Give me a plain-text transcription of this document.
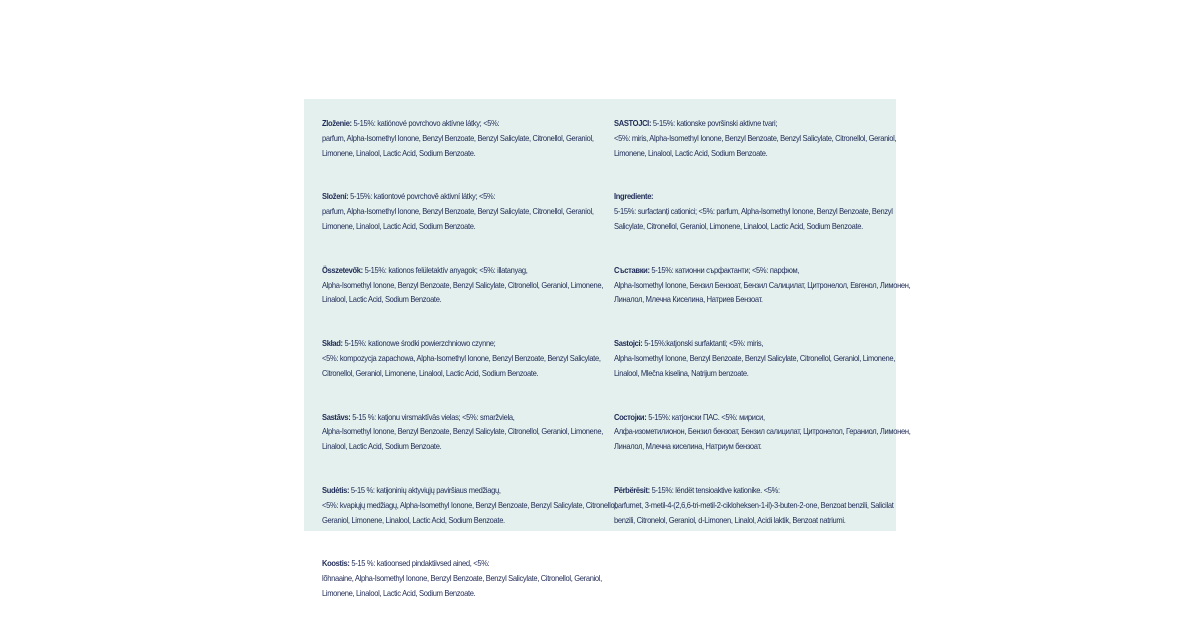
Zloženie: 5-15%: katiónové povrchovo aktívne látky; <5%:
parfum, Alpha-Isomethyl Ionone, Benzyl Benzoate, Benzyl Salicylate, Citronellol, Geraniol,
Limonene, Linalool, Lactic Acid, Sodium Benzoate.
Složení: 5-15%: kationtové povrchově aktivní látky; <5%:
parfum, Alpha-Isomethyl Ionone, Benzyl Benzoate, Benzyl Salicylate, Citronellol, Geraniol,
Limonene, Linalool, Lactic Acid, Sodium Benzoate.
Összetevők: 5-15%: kationos felületaktív anyagok; <5%: illatanyag,
Alpha-Isomethyl Ionone, Benzyl Benzoate, Benzyl Salicylate, Citronellol, Geraniol, Limonene,
Linalool, Lactic Acid, Sodium Benzoate.
Skład: 5-15%: kationowe środki powierzchniowo czynne;
<5%: kompozycja zapachowa, Alpha-Isomethyl Ionone, Benzyl Benzoate, Benzyl Salicylate,
Citronellol, Geraniol, Limonene, Linalool, Lactic Acid, Sodium Benzoate.
Sastāvs: 5-15 %: katjonu virsmaktīvās vielas; <5%: smaržviela,
Alpha-Isomethyl Ionone, Benzyl Benzoate, Benzyl Salicylate, Citronellol, Geraniol, Limonene,
Linalool, Lactic Acid, Sodium Benzoate.
Sudėtis: 5-15 %: katijoninių aktyviųjų paviršiaus medžiagų,
<5%: kvapiųjų medžiagų, Alpha-Isomethyl Ionone, Benzyl Benzoate, Benzyl Salicylate, Citronellol,
Geraniol, Limonene, Linalool, Lactic Acid, Sodium Benzoate.
Koostis: 5-15 %: katioonsed pindaktiivsed ained, <5%:
lõhnaaine, Alpha-Isomethyl Ionone, Benzyl Benzoate, Benzyl Salicylate, Citronellol, Geraniol,
Limonene, Linalool, Lactic Acid, Sodium Benzoate.
SASTOJCI: 5-15%: kationske površinski aktivne tvari;
<5%: miris, Alpha-Isomethyl Ionone, Benzyl Benzoate, Benzyl Salicylate, Citronellol, Geraniol,
Limonene, Linalool, Lactic Acid, Sodium Benzoate.
Ingrediente:
5-15%: surfactanți cationici; <5%: parfum, Alpha-Isomethyl Ionone, Benzyl Benzoate, Benzyl
Salicylate, Citronellol, Geraniol, Limonene, Linalool, Lactic Acid, Sodium Benzoate.
Съставки: 5-15%: катионни сърфактанти; <5%: парфюм,
Alpha-Isomethyl Ionone, Бензил Бензоат, Бензил Салицилат, Цитронелол, Евгенол, Лимонен,
Линалол, Млечна Киселина, Натриев Бензоат.
Sastojci: 5-15%:katjonski surfaktanti; <5%: miris,
Alpha-Isomethyl Ionone, Benzyl Benzoate, Benzyl Salicylate, Citronellol, Geraniol, Limonene,
Linalool, Mlečna kiselina, Natrijum benzoate.
Состојки: 5-15%: катјонски ПАС. <5%: мириси,
Алфа-изометилионон, Бензил бензоат, Бензил салицилат, Цитронелол, Гераниол, Лимонен,
Линалол, Млечна киселина, Натриум бензоат.
Përbërësit: 5-15%: lëndët tensioaktive kationike. <5%:
parfumet, 3-metil-4-(2,6,6-tri-metil-2-cikloheksen-1-il)-3-buten-2-one, Benzoat benzili, Salicilat
benzili, Citronelol, Geraniol, d-Limonen, Linalol, Acidi laktik, Benzoat natriumi.
